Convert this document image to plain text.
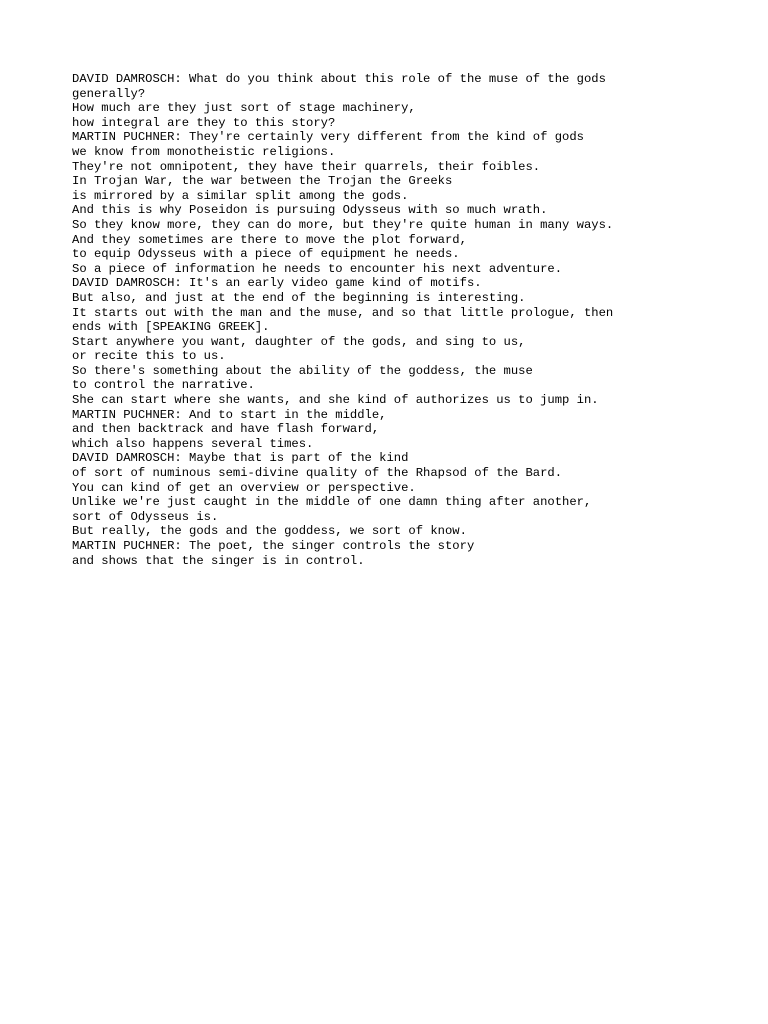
DAVID DAMROSCH: What do you think about this role of the muse of the gods
generally?
How much are they just sort of stage machinery,
how integral are they to this story?
MARTIN PUCHNER: They're certainly very different from the kind of gods
we know from monotheistic religions.
They're not omnipotent, they have their quarrels, their foibles.
In Trojan War, the war between the Trojan the Greeks
is mirrored by a similar split among the gods.
And this is why Poseidon is pursuing Odysseus with so much wrath.
So they know more, they can do more, but they're quite human in many ways.
And they sometimes are there to move the plot forward,
to equip Odysseus with a piece of equipment he needs.
So a piece of information he needs to encounter his next adventure.
DAVID DAMROSCH: It's an early video game kind of motifs.
But also, and just at the end of the beginning is interesting.
It starts out with the man and the muse, and so that little prologue, then
ends with [SPEAKING GREEK].
Start anywhere you want, daughter of the gods, and sing to us,
or recite this to us.
So there's something about the ability of the goddess, the muse
to control the narrative.
She can start where she wants, and she kind of authorizes us to jump in.
MARTIN PUCHNER: And to start in the middle,
and then backtrack and have flash forward,
which also happens several times.
DAVID DAMROSCH: Maybe that is part of the kind
of sort of numinous semi-divine quality of the Rhapsod of the Bard.
You can kind of get an overview or perspective.
Unlike we're just caught in the middle of one damn thing after another,
sort of Odysseus is.
But really, the gods and the goddess, we sort of know.
MARTIN PUCHNER: The poet, the singer controls the story
and shows that the singer is in control.
